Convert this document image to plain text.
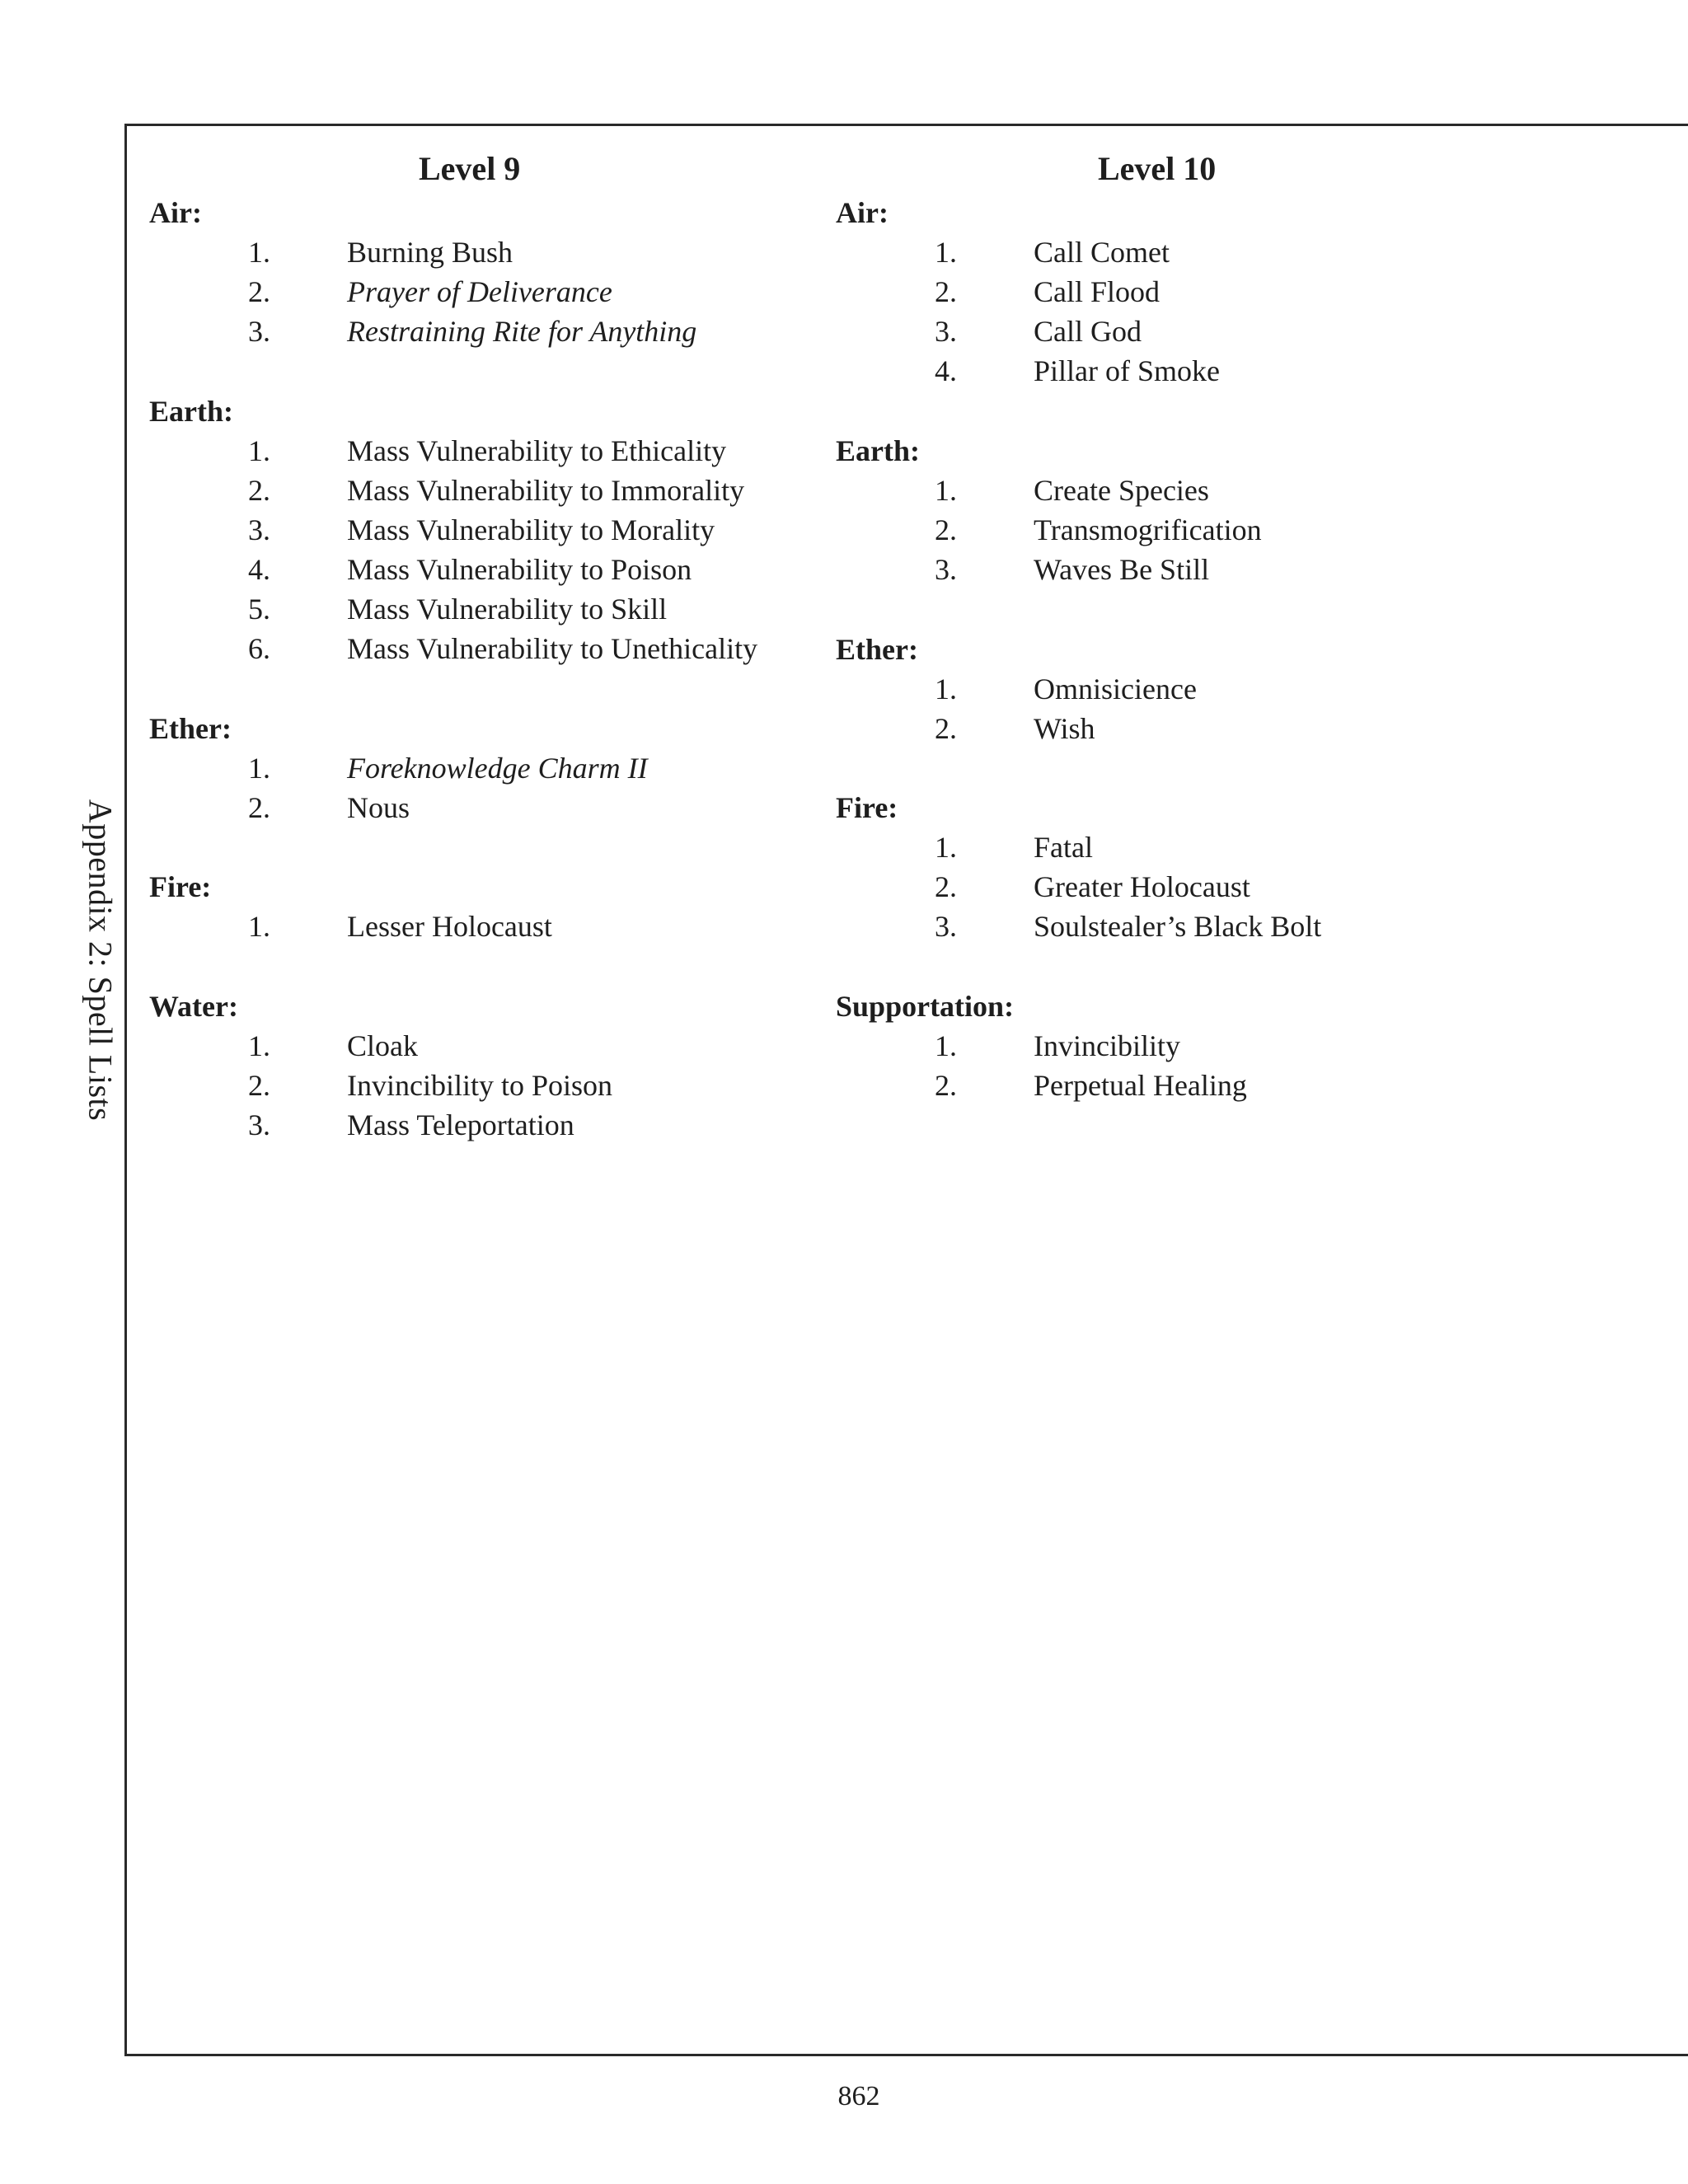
Appendix 2: Spell Lists
Level 9
Air:
1.	Burning Bush
2.	Prayer of Deliverance
3.	Restraining Rite for Anything
Earth:
1.	Mass Vulnerability to Ethicality
2.	Mass Vulnerability to Immorality
3.	Mass Vulnerability to Morality
4.	Mass Vulnerability to Poison
5.	Mass Vulnerability to Skill
6.	Mass Vulnerability to Unethicality
Ether:
1.	Foreknowledge Charm II
2.	Nous
Fire:
1.	Lesser Holocaust
Water:
1.	Cloak
2.	Invincibility to Poison
3.	Mass Teleportation
Level 10
Air:
1.	Call Comet
2.	Call Flood
3.	Call God
4.	Pillar of Smoke
Earth:
1.	Create Species
2.	Transmogrification
3.	Waves Be Still
Ether:
1.	Omnisicience
2.	Wish
Fire:
1.	Fatal
2.	Greater Holocaust
3.	Soulstealer’s Black Bolt
Supportation:
1.	Invincibility
2.	Perpetual Healing
862
